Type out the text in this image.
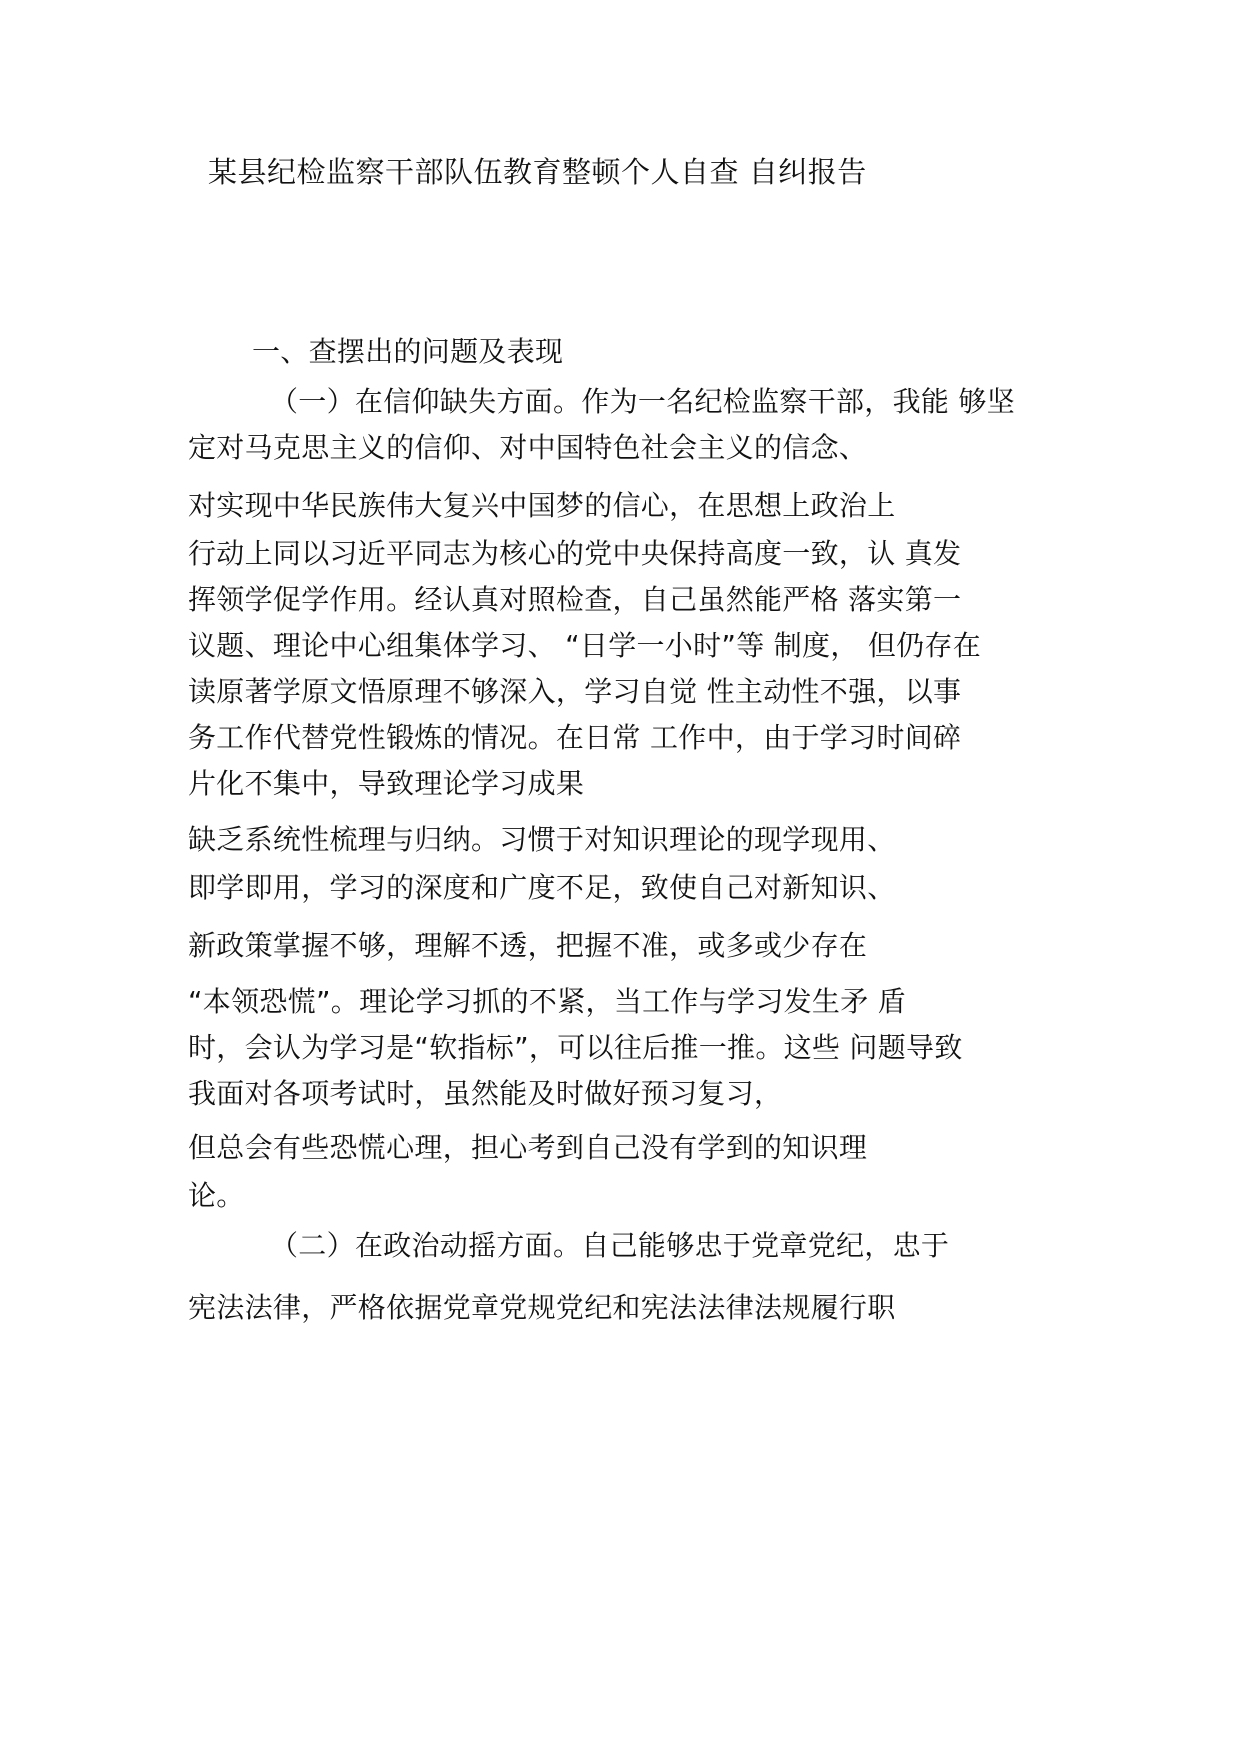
某县纪检监察干部队伍教育整顿个人自查 自纠报告
一、查摆出的问题及表现
（一）在信仰缺失方面。作为一名纪检监察干部，我能 够坚
定对马克思主义的信仰、对中国特色社会主义的信念、
对实现中华民族伟大复兴中国梦的信心，在思想上政治上
行动上同以习近平同志为核心的党中央保持高度一致，认 真发
挥领学促学作用。经认真对照检查，自己虽然能严格 落实第一
议题、理论中心组集体学习、 “日学一小时”等 制度， 但仍存在
读原著学原文悟原理不够深入，学习自觉 性主动性不强，以事
务工作代替党性锻炼的情况。在日常 工作中，由于学习时间碎
片化不集中，导致理论学习成果
缺乏系统性梳理与归纳。习惯于对知识理论的现学现用、
即学即用，学习的深度和广度不足，致使自己对新知识、
新政策掌握不够，理解不透，把握不准，或多或少存在
“本领恐慌”。理论学习抓的不紧，当工作与学习发生矛 盾
时，会认为学习是“软指标”，可以往后推一推。这些 问题导致
我面对各项考试时，虽然能及时做好预习复习，
但总会有些恐慌心理，担心考到自己没有学到的知识理
论。
（二）在政治动摇方面。自己能够忠于党章党纪，忠于
宪法法律，严格依据党章党规党纪和宪法法律法规履行职
